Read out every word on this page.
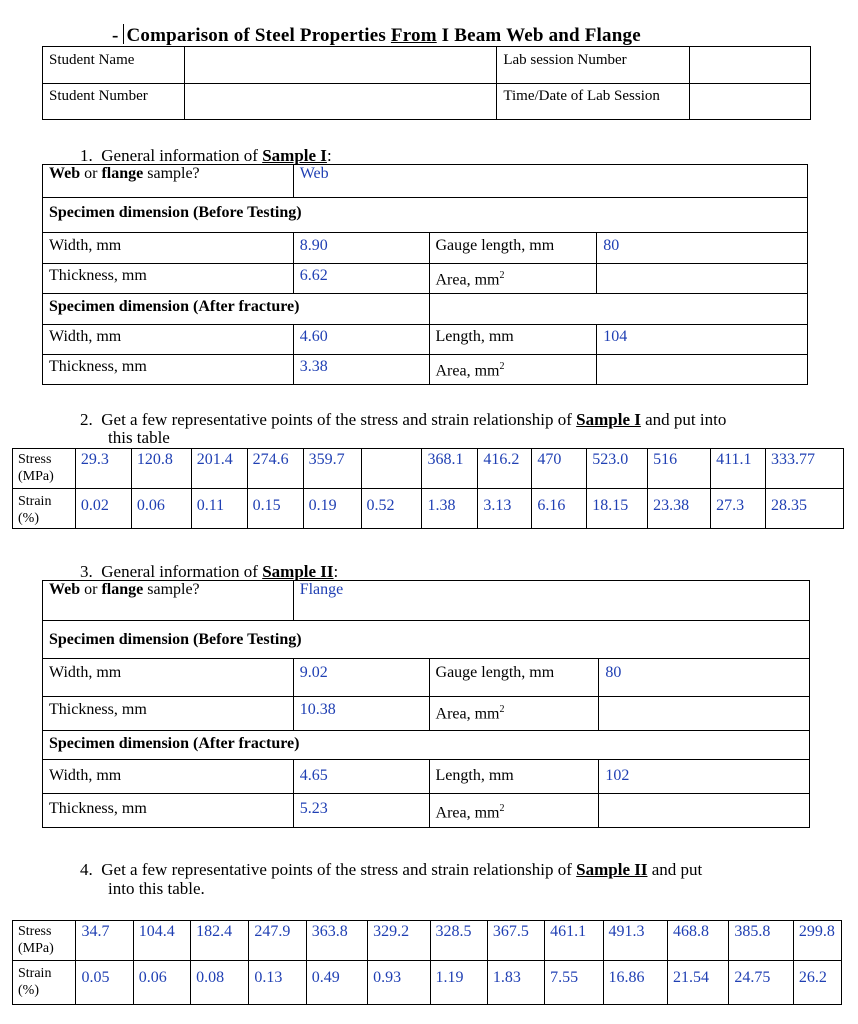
- Comparison of Steel Properties From I Beam Web and Flange
Student Name		Lab session Number	
Student Number		Time/Date of Lab Session	
1. General information of Sample I:
Web or flange sample?	Web		
Specimen dimension (Before Testing)			
Width, mm	8.90	Gauge length, mm	80
Thickness, mm	6.62	Area, $mm^2$	
Specimen dimension (After fracture)			
Width, mm	4.60	Length, mm	104
Thickness, mm	3.38	Area, $mm^2$	
2. Get a few representative points of the stress and strain relationship of Sample I and put into
this table
Stress (MPa)	29.3	120.8	201.4	274.6	359.7		368.1	416.2	470	523.0	516	411.1	333.77
Strain (%)	0.02	0.06	0.11	0.15	0.19	0.52	1.38	3.13	6.16	18.15	23.38	27.3	28.35
3. General information of Sample II:
Web or flange sample?	Flange		
Specimen dimension (Before Testing)			
Width, mm	9.02	Gauge length, mm	80
Thickness, mm	10.38	Area, $mm^2$	
Specimen dimension (After fracture)			
Width, mm	4.65	Length, mm	102
Thickness, mm	5.23	Area, $mm^2$	
4. Get a few representative points of the stress and strain relationship of Sample II and put
into this table.
Stress (MPa)	34.7	104.4	182.4	247.9	363.8	329.2	328.5	367.5	461.1	491.3	468.8	385.8	299.8
Strain (%)	0.05	0.06	0.08	0.13	0.49	0.93	1.19	1.83	7.55	16.86	21.54	24.75	26.2
